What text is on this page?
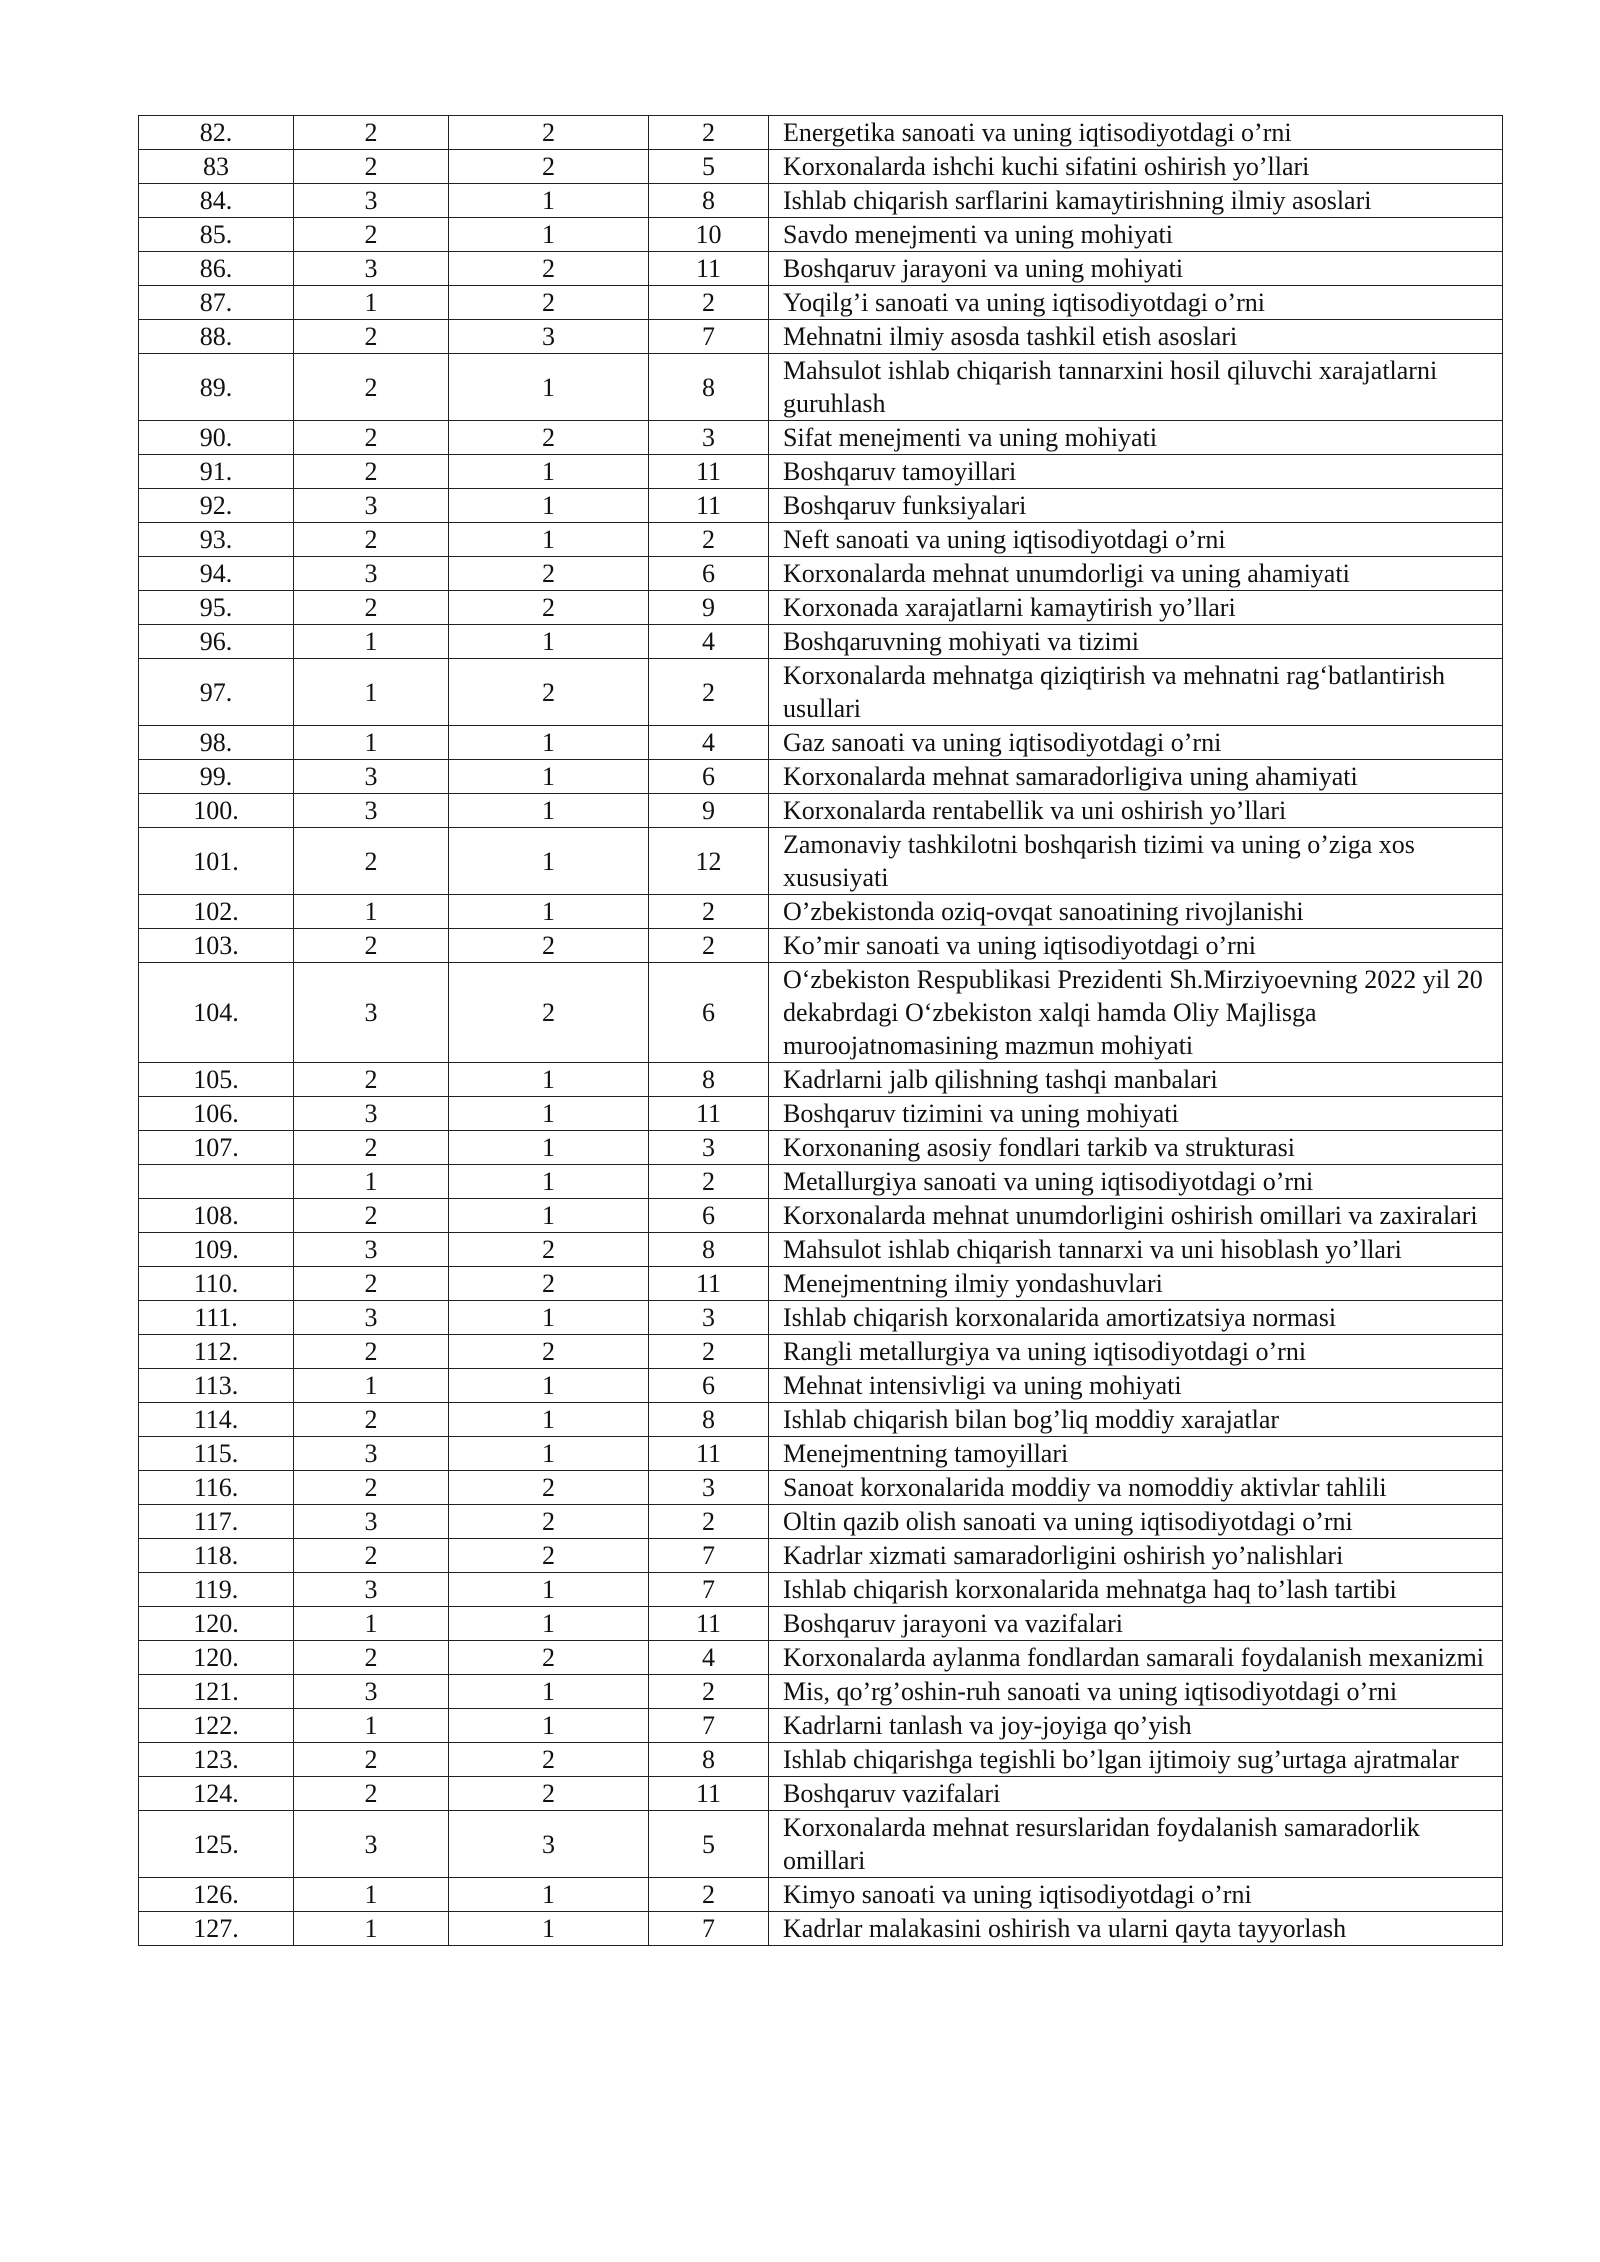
82.	2	2	2	Energetika sanoati va uning iqtisodiyotdagi o’rni
83	2	2	5	Korxonalarda ishchi kuchi sifatini oshirish yo’llari
84.	3	1	8	Ishlab chiqarish sarflarini kamaytirishning ilmiy asoslari
85.	2	1	10	Savdo menejmenti va uning mohiyati
86.	3	2	11	Boshqaruv jarayoni va uning mohiyati
87.	1	2	2	Yoqilg’i sanoati va uning iqtisodiyotdagi o’rni
88.	2	3	7	Mehnatni ilmiy asosda tashkil etish asoslari
89.	2	1	8	Mahsulot ishlab chiqarish tannarxini hosil qiluvchi xarajatlarni guruhlash
90.	2	2	3	Sifat menejmenti va uning mohiyati
91.	2	1	11	Boshqaruv tamoyillari
92.	3	1	11	Boshqaruv funksiyalari
93.	2	1	2	Neft sanoati va uning iqtisodiyotdagi o’rni
94.	3	2	6	Korxonalarda mehnat unumdorligi va uning ahamiyati
95.	2	2	9	Korxonada xarajatlarni kamaytirish yo’llari
96.	1	1	4	Boshqaruvning mohiyati va tizimi
97.	1	2	2	Korxonalarda mehnatga qiziqtirish va mehnatni rag‘batlantirish usullari
98.	1	1	4	Gaz sanoati va uning iqtisodiyotdagi o’rni
99.	3	1	6	Korxonalarda mehnat samaradorligiva uning ahamiyati
100.	3	1	9	Korxonalarda rentabellik va uni oshirish yo’llari
101.	2	1	12	Zamonaviy tashkilotni boshqarish tizimi va uning o’ziga xos xususiyati
102.	1	1	2	O’zbekistonda oziq-ovqat sanoatining rivojlanishi
103.	2	2	2	Ko’mir sanoati va uning iqtisodiyotdagi o’rni
104.	3	2	6	O‘zbekiston Respublikasi Prezidenti Sh.Mirziyoevning 2022 yil 20 dekabrdagi O‘zbekiston xalqi hamda Oliy Majlisga muroojatnomasining mazmun mohiyati
105.	2	1	8	Kadrlarni jalb qilishning tashqi manbalari
106.	3	1	11	Boshqaruv tizimini va uning mohiyati
107.	2	1	3	Korxonaning asosiy fondlari tarkib va strukturasi
	1	1	2	Metallurgiya sanoati va uning iqtisodiyotdagi o’rni
108.	2	1	6	Korxonalarda mehnat unumdorligini oshirish omillari va zaxiralari
109.	3	2	8	Mahsulot ishlab chiqarish tannarxi va uni hisoblash yo’llari
110.	2	2	11	Menejmentning ilmiy yondashuvlari
111.	3	1	3	Ishlab chiqarish korxonalarida amortizatsiya normasi
112.	2	2	2	Rangli metallurgiya va uning iqtisodiyotdagi o’rni
113.	1	1	6	Mehnat intensivligi va uning mohiyati
114.	2	1	8	Ishlab chiqarish bilan bog’liq moddiy xarajatlar
115.	3	1	11	Menejmentning tamoyillari
116.	2	2	3	Sanoat korxonalarida moddiy va nomoddiy aktivlar tahlili
117.	3	2	2	Oltin qazib olish sanoati va uning iqtisodiyotdagi o’rni
118.	2	2	7	Kadrlar xizmati samaradorligini oshirish yo’nalishlari
119.	3	1	7	Ishlab chiqarish korxonalarida mehnatga haq to’lash tartibi
120.	1	1	11	Boshqaruv jarayoni va vazifalari
120.	2	2	4	Korxonalarda aylanma fondlardan samarali foydalanish mexanizmi
121.	3	1	2	Mis, qo’rg’oshin-ruh sanoati va uning iqtisodiyotdagi o’rni
122.	1	1	7	Kadrlarni tanlash va joy-joyiga qo’yish
123.	2	2	8	Ishlab chiqarishga tegishli bo’lgan ijtimoiy sug’urtaga ajratmalar
124.	2	2	11	Boshqaruv vazifalari
125.	3	3	5	Korxonalarda mehnat resurslaridan foydalanish samaradorlik omillari
126.	1	1	2	Kimyo sanoati va uning iqtisodiyotdagi o’rni
127.	1	1	7	Kadrlar malakasini oshirish va ularni qayta tayyorlash
